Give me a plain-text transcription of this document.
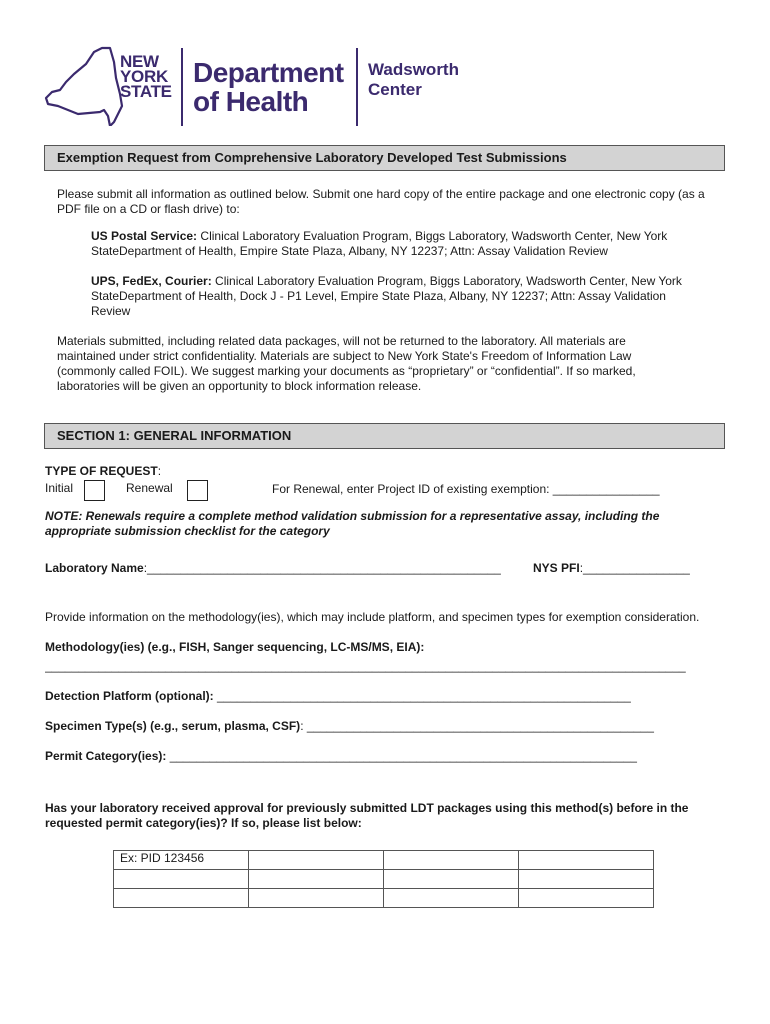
NEW
YORK
STATE
Department
of Health
Wadsworth
Center
Exemption Request from Comprehensive Laboratory Developed Test Submissions
Please submit all information as outlined below. Submit one hard copy of the entire package and one electronic copy (as a PDF file on a CD or flash drive) to:
US Postal Service: Clinical Laboratory Evaluation Program, Biggs Laboratory, Wadsworth Center, New York StateDepartment of Health, Empire State Plaza, Albany, NY 12237; Attn: Assay Validation Review
UPS, FedEx, Courier: Clinical Laboratory Evaluation Program, Biggs Laboratory, Wadsworth Center, New York StateDepartment of Health, Dock J - P1 Level, Empire State Plaza, Albany, NY 12237; Attn: Assay Validation Review
Materials submitted, including related data packages, will not be returned to the laboratory. All materials are maintained under strict confidentiality. Materials are subject to New York State's Freedom of Information Law (commonly called FOIL). We suggest marking your documents as “proprietary” or “confidential”. If so marked, laboratories will be given an opportunity to block information release.
SECTION 1: GENERAL INFORMATION
TYPE OF REQUEST:
Initial	Renewal	For Renewal, enter Project ID of existing exemption: ________________
NOTE: Renewals require a complete method validation submission for a representative assay, including the appropriate submission checklist for the category
Laboratory Name:_____________________________________________________	NYS PFI:________________
Provide information on the methodology(ies), which may include platform, and specimen types for exemption consideration.
Methodology(ies) (e.g., FISH, Sanger sequencing, LC-MS/MS, EIA):
________________________________________________________________________________________________
Detection Platform (optional): ______________________________________________________________
Specimen Type(s) (e.g., serum, plasma, CSF): ____________________________________________________
Permit Category(ies): ______________________________________________________________________
Has your laboratory received approval for previously submitted LDT packages using this method(s) before in the requested permit category(ies)? If so, please list below:
Ex: PID 123456			
